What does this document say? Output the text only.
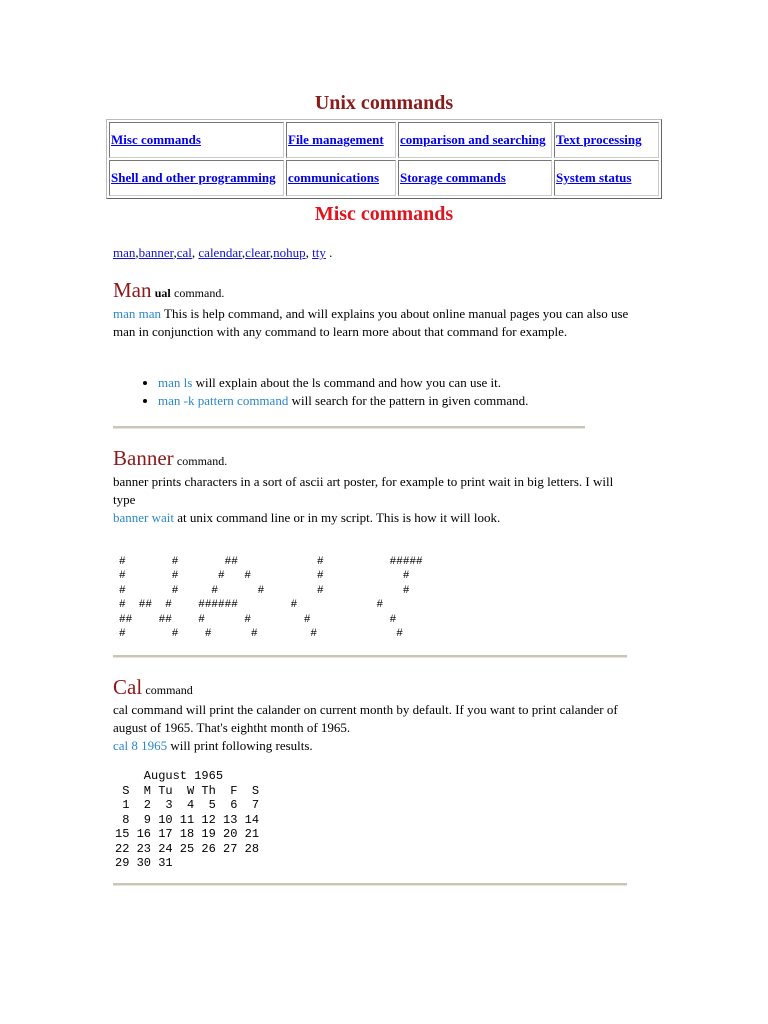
Unix commands
Misc commands	File management	comparison and searching	Text processing
Shell and other programming	communications	Storage commands	System status
Misc commands
man,banner,cal, calendar,clear,nohup, tty .
Man ual command.
man man This is help command, and will explains you about online manual pages you can also use man in conjunction with any command to learn more about that command for example.
• man ls will explain about the ls command and how you can use it.
• man -k pattern command will search for the pattern in given command.
Banner command.
banner prints characters in a sort of ascii art poster, for example to print wait in big letters. I will type
banner wait at unix command line or in my script. This is how it will look.
#       #       ##            #          #####
#       #      #   #          #            #
#       #     #      #        #            #
#  ##  #    ######        #            #
##    ##    #      #        #            #
#       #    #      #        #            #
Cal command
cal command will print the calander on current month by default. If you want to print calander of august of 1965. That's eightht month of 1965.
cal 8 1965 will print following results.
August 1965
S  M Tu  W Th  F  S
1  2  3  4  5  6  7
8  9 10 11 12 13 14
15 16 17 18 19 20 21
22 23 24 25 26 27 28
29 30 31
